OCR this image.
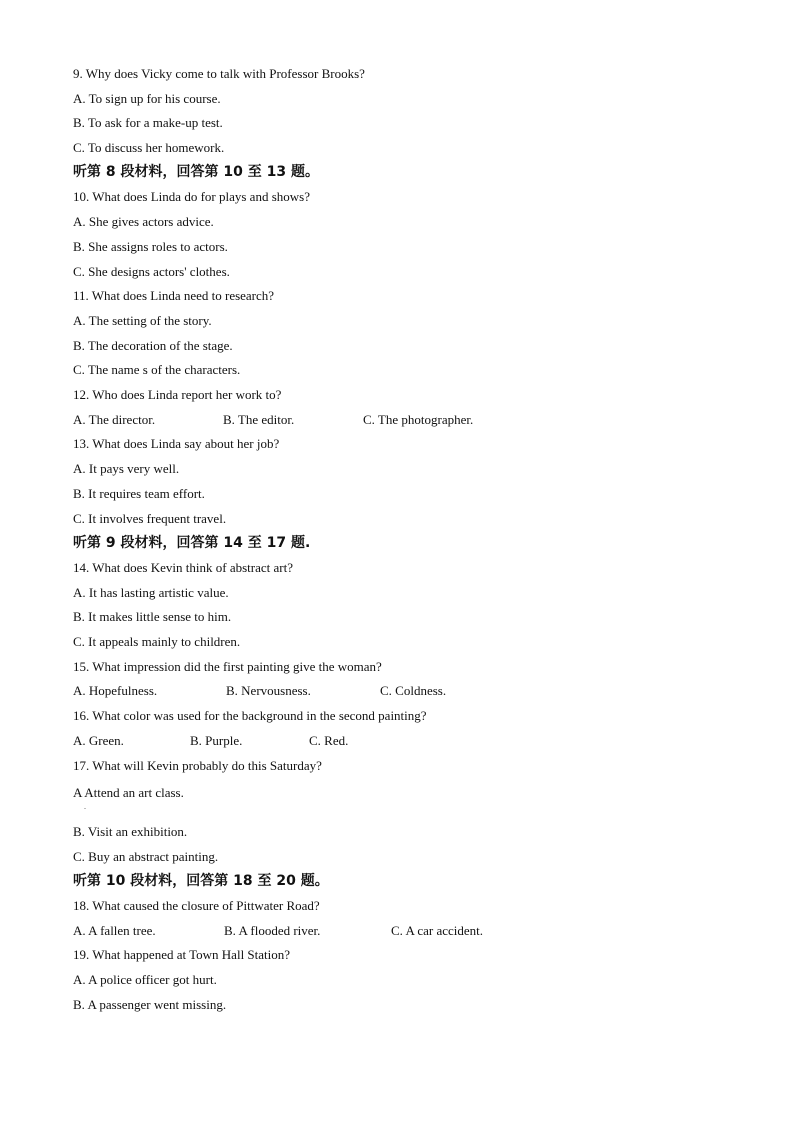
9. Why does Vicky come to talk with Professor Brooks?
A. To sign up for his course.
B. To ask for a make-up test.
C. To discuss her homework.
听第 8 段材料，回答第 10 至 13 题。
10. What does Linda do for plays and shows?
A. She gives actors advice.
B. She assigns roles to actors.
C. She designs actors' clothes.
11. What does Linda need to research?
A. The setting of the story.
B. The decoration of the stage.
C. The name s of the characters.
12. Who does Linda report her work to?
A. The director.	B. The editor.	C. The photographer.
13. What does Linda say about her job?
A. It pays very well.
B. It requires team effort.
C. It involves frequent travel.
听第 9 段材料，回答第 14 至 17 题.
14. What does Kevin think of abstract art?
A. It has lasting artistic value.
B. It makes little sense to him.
C. It appeals mainly to children.
15. What impression did the first painting give the woman?
A. Hopefulness.	B. Nervousness.	C. Coldness.
16. What color was used for the background in the second painting?
A. Green.	B. Purple.	C. Red.
17. What will Kevin probably do this Saturday?
A Attend an art class.
.
B. Visit an exhibition.
C. Buy an abstract painting.
听第 10 段材料，回答第 18 至 20 题。
18. What caused the closure of Pittwater Road?
A. A fallen tree.	B. A flooded river.	C. A car accident.
19. What happened at Town Hall Station?
A. A police officer got hurt.
B. A passenger went missing.
